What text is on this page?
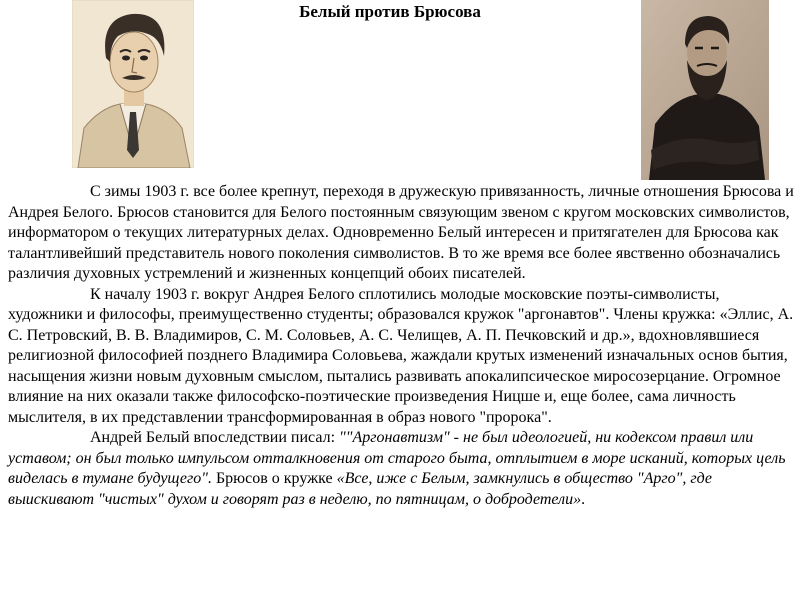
Белый против Брюсова

С зимы 1903 г. все более крепнут, переходя в дружескую привязанность, личные отношения Брюсова и Андрея Белого. Брюсов становится для Белого постоянным связующим звеном с кругом московских символистов, информатором о текущих литературных делах. Одновременно Белый интересен и притягателен для Брюсова как талантливейший представитель нового поколения символистов. В то же время все более явственно обозначались различия духовных устремлений и жизненных концепций обоих писателей.

К началу 1903 г. вокруг Андрея Белого сплотились молодые московские поэты-символисты, художники и философы, преимущественно студенты; образовался кружок "аргонавтов". Члены кружка: «Эллис, А. С. Петровский, В. В. Владимиров, С. М. Соловьев, А. С. Челищев, А. П. Печковский и др.», вдохновлявшиеся религиозной философией позднего Владимира Соловьева, жаждали крутых изменений изначальных основ бытия, насыщения жизни новым духовным смыслом, пытались развивать апокалипсическое миросозерцание. Огромное влияние на них оказали также философско-поэтические произведения Ницше и, еще более, сама личность мыслителя, в их представлении трансформированная в образ нового "пророка".

Андрей Белый впоследствии писал: ""Аргонавтизм" - не был идеологией, ни кодексом правил или уставом; он был только импульсом отталкновения от старого быта, отплытием в море исканий, которых цель виделась в тумане будущего". Брюсов о кружке «Все, иже с Белым, замкнулись в общество "Арго", где выискивают "чистых" духом и говорят раз в неделю, по пятницам, о добродетели».
